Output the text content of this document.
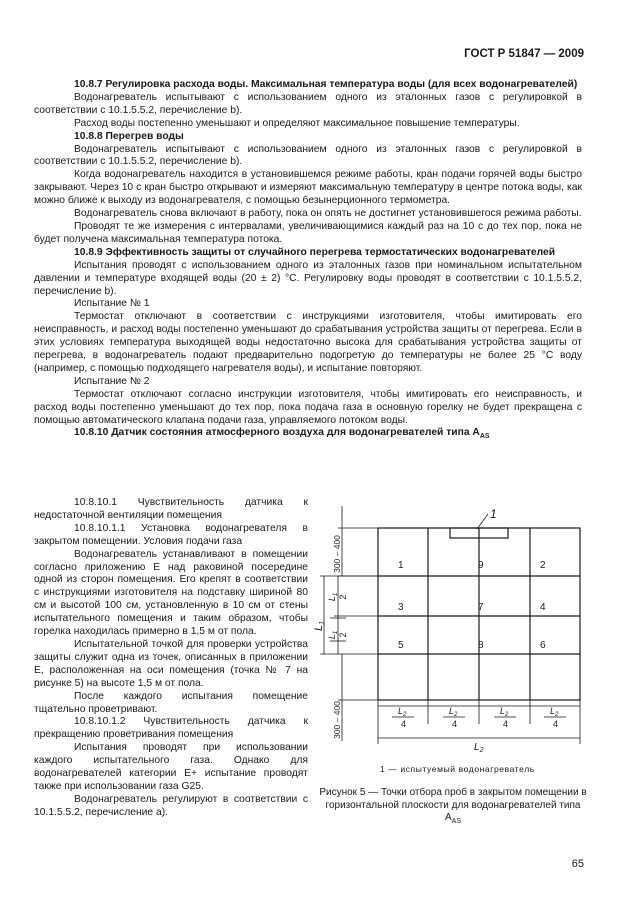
ГОСТ Р 51847 — 2009

10.8.7 Регулировка расхода воды. Максимальная температура воды (для всех водонагревателей)

Водонагреватель испытывают с использованием одного из эталонных газов с регулировкой в соответствии с 10.1.5.5.2, перечисление b).

Расход воды постепенно уменьшают и определяют максимальное повышение температуры.

10.8.8 Перегрев воды

Водонагреватель испытывают с использованием одного из эталонных газов с регулировкой в соответствии с 10.1.5.5.2, перечисление b).

Когда водонагреватель находится в установившемся режиме работы, кран подачи горячей воды быстро закрывают. Через 10 с кран быстро открывают и измеряют максимальную температуру в центре потока воды, как можно ближе к выходу из водонагревателя, с помощью безынерционного термометра.

Водонагреватель снова включают в работу, пока он опять не достигнет установившегося режима работы.

Проводят те же измерения с интервалами, увеличивающимися каждый раз на 10 с до тех пор, пока не будет получена максимальная температура потока.

10.8.9 Эффективность защиты от случайного перегрева термостатических водонагревателей

Испытания проводят с использованием одного из эталонных газов при номинальном испытательном давлении и температуре входящей воды (20 ± 2) °С. Регулировку воды проводят в соответствии с 10.1.5.5.2, перечисление b).

Испытание № 1

Термостат отключают в соответствии с инструкциями изготовителя, чтобы имитировать его неисправность, и расход воды постепенно уменьшают до срабатывания устройства защиты от перегрева. Если в этих условиях температура выходящей воды недостаточно высока для срабатывания устройства защиты от перегрева, в водонагреватель подают предварительно подогретую до температуры не более 25 °С воду (например, с помощью подходящего нагревателя воды), и испытание повторяют.

Испытание № 2

Термостат отключают согласно инструкции изготовителя, чтобы имитировать его неисправность, и расход воды постепенно уменьшают до тех пор, пока подача газа в основную горелку не будет прекращена с помощью автоматического клапана подачи газа, управляемого потоком воды.

10.8.10 Датчик состояния атмосферного воздуха для водонагревателей типа $А_{AS}$

10.8.10.1 Чувствительность датчика к недостаточной вентиляции помещения

10.8.10.1.1 Установка водонагревателя в закрытом помещении. Условия подачи газа

Водонагреватель устанавливают в помещении согласно приложению Е над раковиной посередине одной из сторон помещения. Его крепят в соответствии с инструкциями изготовителя на подставку шириной 80 см и высотой 100 см, установленную в 10 см от стены испытательного помещения и таким образом, чтобы горелка находилась примерно в 1,5 м от пола.

Испытательной точкой для проверки устройства защиты служит одна из точек, описанных в приложении Е, расположенная на оси помещения (точка № 7 на рисунке 5) на высоте 1,5 м от пола.

После каждого испытания помещение тщательно проветривают.

10.8.10.1.2 Чувствительность датчика к прекращению проветривания помещения

Испытания проводят при использовании каждого испытательного газа. Однако для водонагревателей категории Е+ испытание проводят также при использовании газа G25.

Водонагреватель регулируют в соответствии с 10.1.5.5.2, перечисление а).

1
1	9	2
3	7	4
5	8	6
300 – 400
300 – 400
L1
$L_1$ 2
$L_1$ 2
$L_2$
4
$L_2$
4
$L_2$
4
$L_2$
4
$L_2$
1 — испытуемый водонагреватель
Рисунок 5 — Точки отбора проб в закрытом помещении в горизонтальной плоскости для водонагревателей типа $А_{AS}$
65
